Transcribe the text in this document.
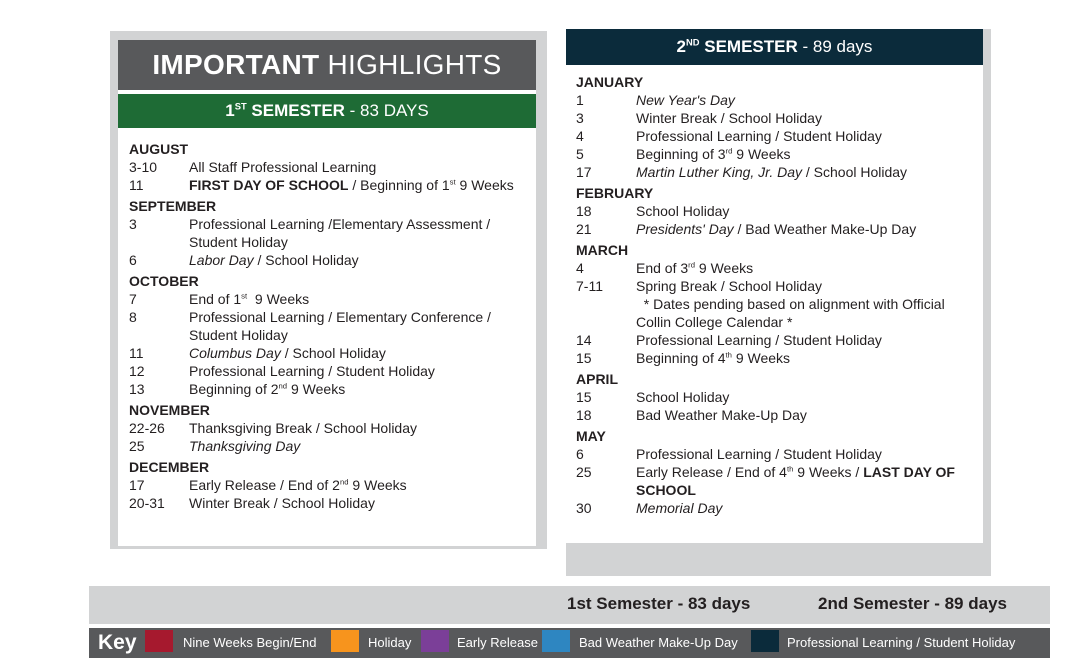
IMPORTANT HIGHLIGHTS
1ST SEMESTER - 83 DAYS
AUGUST
3-10 All Staff Professional Learning
11	FIRST DAY OF SCHOOL / Beginning of 1st 9 Weeks
SEPTEMBER
3	Professional Learning /Elementary Assessment /
Student Holiday
6	Labor Day / School Holiday
OCTOBER
7	End of 1st  9 Weeks
8	Professional Learning / Elementary Conference /
Student Holiday
11	Columbus Day / School Holiday
12	Professional Learning / Student Holiday
13	Beginning of 2nd 9 Weeks
NOVEMBER
22-26 Thanksgiving Break / School Holiday
25	Thanksgiving Day
DECEMBER
17	Early Release / End of 2nd 9 Weeks
20-31 Winter Break / School Holiday
2ND SEMESTER - 89 days
JANUARY
1	New Year's Day
3	Winter Break / School Holiday
4	Professional Learning / Student Holiday
5	Beginning of 3rd 9 Weeks
17	Martin Luther King, Jr. Day / School Holiday
FEBRUARY
18	School Holiday
21	Presidents' Day / Bad Weather Make-Up Day
MARCH
4	End of 3rd 9 Weeks
7-11 Spring Break / School Holiday
* Dates pending based on alignment with Official
Collin College Calendar *
14	Professional Learning / Student Holiday
15	Beginning of 4th 9 Weeks
APRIL
15	School Holiday
18	Bad Weather Make-Up Day
MAY
6	Professional Learning / Student Holiday
25	Early Release / End of 4th 9 Weeks / LAST DAY OF
SCHOOL
30	Memorial Day
1st Semester - 83 days	2nd Semester - 89 days
Key	Nine Weeks Begin/End	Holiday	Early Release	Bad Weather Make-Up Day	Professional Learning / Student Holiday
